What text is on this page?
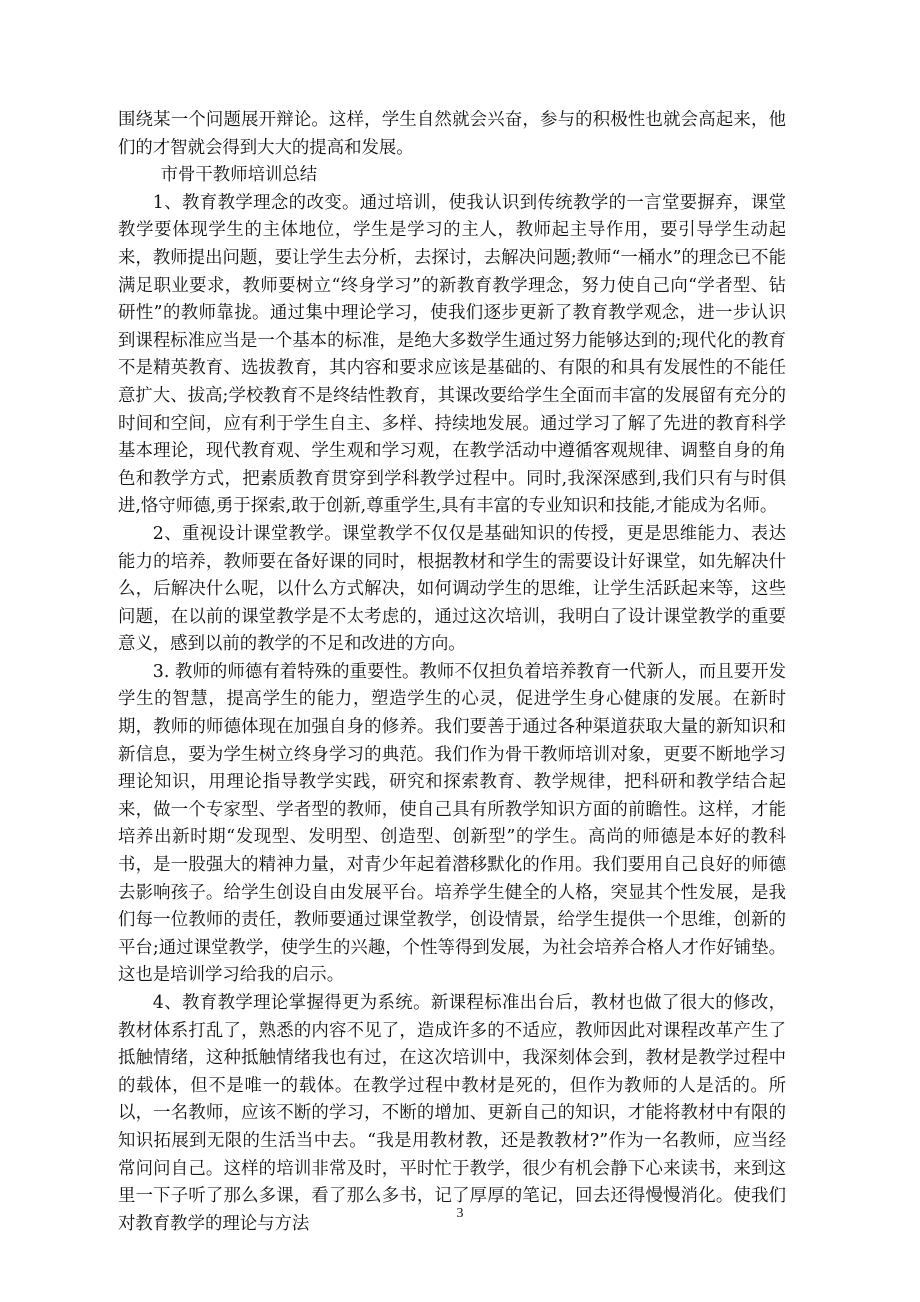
围绕某一个问题展开辩论。这样，学生自然就会兴奋，参与的积极性也就会高起来，他们的才智就会得到大大的提高和发展。

市骨干教师培训总结

1、教育教学理念的改变。通过培训，使我认识到传统教学的一言堂要摒弃，课堂教学要体现学生的主体地位，学生是学习的主人，教师起主导作用，要引导学生动起来，教师提出问题，要让学生去分析，去探讨，去解决问题;教师“一桶水”的理念已不能满足职业要求，教师要树立“终身学习”的新教育教学理念，努力使自己向“学者型、钻研性”的教师靠拢。通过集中理论学习，使我们逐步更新了教育教学观念，进一步认识到课程标准应当是一个基本的标准，是绝大多数学生通过努力能够达到的;现代化的教育不是精英教育、选拔教育，其内容和要求应该是基础的、有限的和具有发展性的不能任意扩大、拔高;学校教育不是终结性教育，其课改要给学生全面而丰富的发展留有充分的时间和空间，应有利于学生自主、多样、持续地发展。通过学习了解了先进的教育科学基本理论，现代教育观、学生观和学习观，在教学活动中遵循客观规律、调整自身的角色和教学方式，把素质教育贯穿到学科教学过程中。同时,我深深感到,我们只有与时俱进,恪守师德,勇于探索,敢于创新,尊重学生,具有丰富的专业知识和技能,才能成为名师。

2、重视设计课堂教学。课堂教学不仅仅是基础知识的传授，更是思维能力、表达能力的培养，教师要在备好课的同时，根据教材和学生的需要设计好课堂，如先解决什么，后解决什么呢，以什么方式解决，如何调动学生的思维，让学生活跃起来等，这些问题，在以前的课堂教学是不太考虑的，通过这次培训，我明白了设计课堂教学的重要意义，感到以前的教学的不足和改进的方向。

3. 教师的师德有着特殊的重要性。教师不仅担负着培养教育一代新人，而且要开发学生的智慧，提高学生的能力，塑造学生的心灵，促进学生身心健康的发展。在新时期，教师的师德体现在加强自身的修养。我们要善于通过各种渠道获取大量的新知识和新信息，要为学生树立终身学习的典范。我们作为骨干教师培训对象，更要不断地学习理论知识，用理论指导教学实践，研究和探索教育、教学规律，把科研和教学结合起来，做一个专家型、学者型的教师，使自己具有所教学知识方面的前瞻性。这样，才能培养出新时期“发现型、发明型、创造型、创新型”的学生。高尚的师德是本好的教科书，是一股强大的精神力量，对青少年起着潜移默化的作用。我们要用自己良好的师德去影响孩子。给学生创设自由发展平台。培养学生健全的人格，突显其个性发展，是我们每一位教师的责任，教师要通过课堂教学，创设情景，给学生提供一个思维，创新的平台;通过课堂教学，使学生的兴趣，个性等得到发展，为社会培养合格人才作好铺垫。这也是培训学习给我的启示。

4、教育教学理论掌握得更为系统。新课程标准出台后，教材也做了很大的修改，教材体系打乱了，熟悉的内容不见了，造成许多的不适应，教师因此对课程改革产生了抵触情绪，这种抵触情绪我也有过，在这次培训中，我深刻体会到，教材是教学过程中的载体，但不是唯一的载体。在教学过程中教材是死的，但作为教师的人是活的。所以，一名教师，应该不断的学习，不断的增加、更新自己的知识，才能将教材中有限的知识拓展到无限的生活当中去。“我是用教材教，还是教教材?”作为一名教师，应当经常问问自己。这样的培训非常及时，平时忙于教学，很少有机会静下心来读书，来到这里一下子听了那么多课，看了那么多书，记了厚厚的笔记，回去还得慢慢消化。使我们对教育教学的理论与方法

3
